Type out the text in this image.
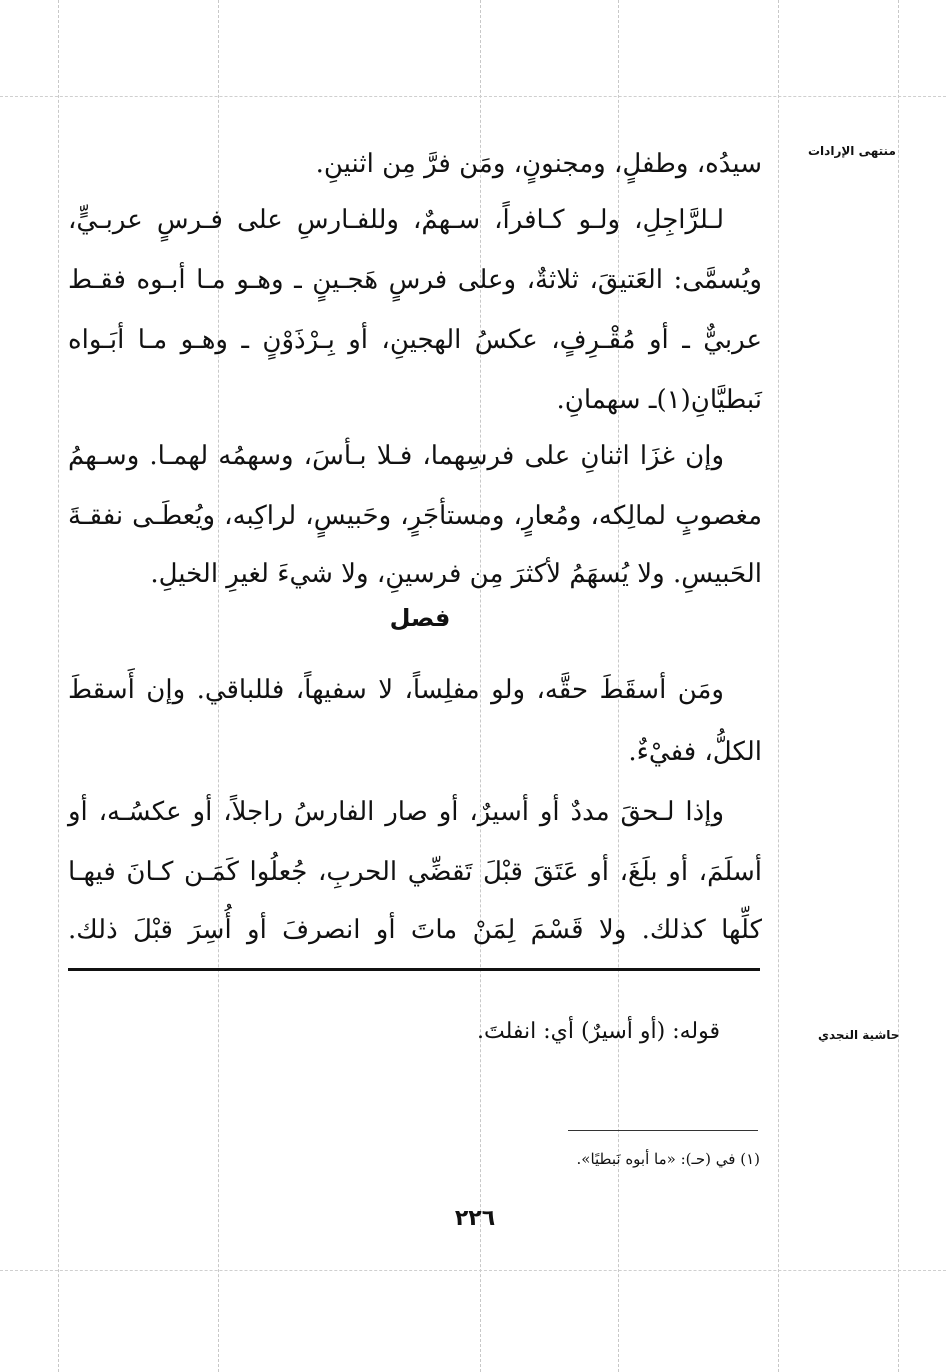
منتهى الإرادات
سيدُه، وطفلٍ، ومجنونٍ، ومَن فرَّ مِن اثنينِ.
لـلرَّاجِلِ، ولـو كـافراً، سـهمٌ، وللفـارسِ على فـرسٍ عربـيٍّ،
ويُسمَّى: العَتيقَ، ثلاثةٌ، وعلى فرسٍ هَجـينٍ ـ وهـو مـا أبـوه فقـط
عربيٌّ ـ أو مُقْـرِفٍ، عكسُ الهجينِ، أو بِـرْذَوْنٍ ـ وهـو مـا أبَـواه
نَبطيَّانِ(١)ـ سهمانِ.
وإن غزَا اثنانِ على فرسِهما، فـلا بـأسَ، وسهمُه لهمـا. وسـهمُ
مغصوبٍ لمالِكه، ومُعارٍ، ومستأجَرٍ، وحَبيسٍ، لراكِبه، ويُعطَـى نفقـةَ
الحَبيسِ. ولا يُسهَمُ لأكثرَ مِن فرسينِ، ولا شيءَ لغيرِ الخيلِ.
فصل
ومَن أسقَطَ حقَّه، ولو مفلِساً، لا سفيهاً، فللباقي. وإن أَسقطَ
الكلُّ، ففيْءٌ.
وإذا لـحقَ مددٌ أو أسيرٌ، أو صار الفارسُ راجلاً، أو عكسُـه، أو
أسلَمَ، أو بلَغَ، أو عَتَقَ قبْلَ تَقضِّي الحربِ، جُعلُوا كَمَـن كـانَ فيهـا
كلِّها كذلك. ولا قَسْمَ لِمَنْ ماتَ أو انصرفَ أو أُسِرَ قبْلَ ذلك.
حاشية النجدي
قوله: (أو أسيرٌ) أي: انفلتَ.
(١) في (حـ): «ما أبوه نَبطيًا».
٢٢٦
